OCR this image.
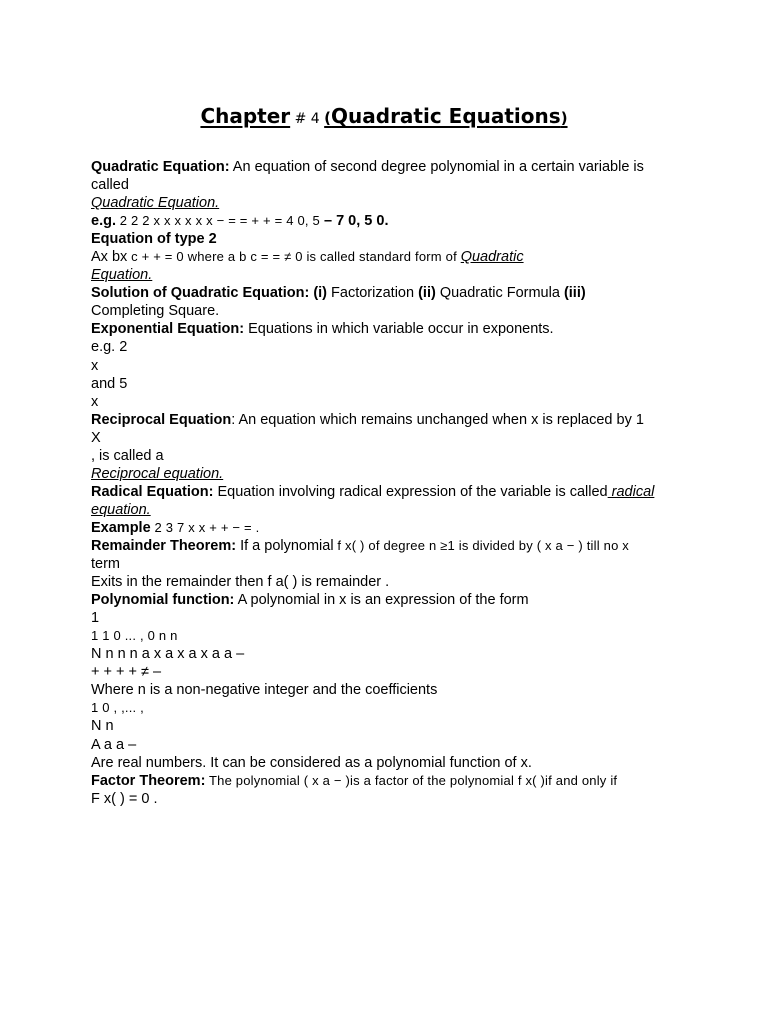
Chapter # 4 (Quadratic Equations)
Quadratic Equation: An equation of second degree polynomial in a certain variable is
called
Quadratic Equation.
e.g. 2 2 2 x x x x x x − = = + + = 4 0, 5 – 7 0, 5 0.
Equation of type 2
Ax bx c + + = 0 where a b c = = ≠ 0 is called standard form of Quadratic
Equation.
Solution of Quadratic Equation: (i) Factorization (ii) Quadratic Formula (iii)
Completing Square.
Exponential Equation: Equations in which variable occur in exponents.
e.g. 2
x
and 5
x
Reciprocal Equation: An equation which remains unchanged when x is replaced by 1
X
, is called a
Reciprocal equation.
Radical Equation: Equation involving radical expression of the variable is called radical
equation.
Example 2 3 7 x x + + − = .
Remainder Theorem: If a polynomial f x( ) of degree n ≥1 is divided by ( x a − ) till no x
term
Exits in the remainder then f a( ) is remainder .
Polynomial function: A polynomial in x is an expression of the form
1
1 1 0 ... , 0 n n
N n n n a x a x a x a a –
+ + + + ≠ –
Where n is a non-negative integer and the coefficients
1 0 , ,... ,
N n
A a a –
Are real numbers. It can be considered as a polynomial function of x.
Factor Theorem: The polynomial ( x a − )is a factor of the polynomial f x( )if and only if
F x( ) = 0 .
